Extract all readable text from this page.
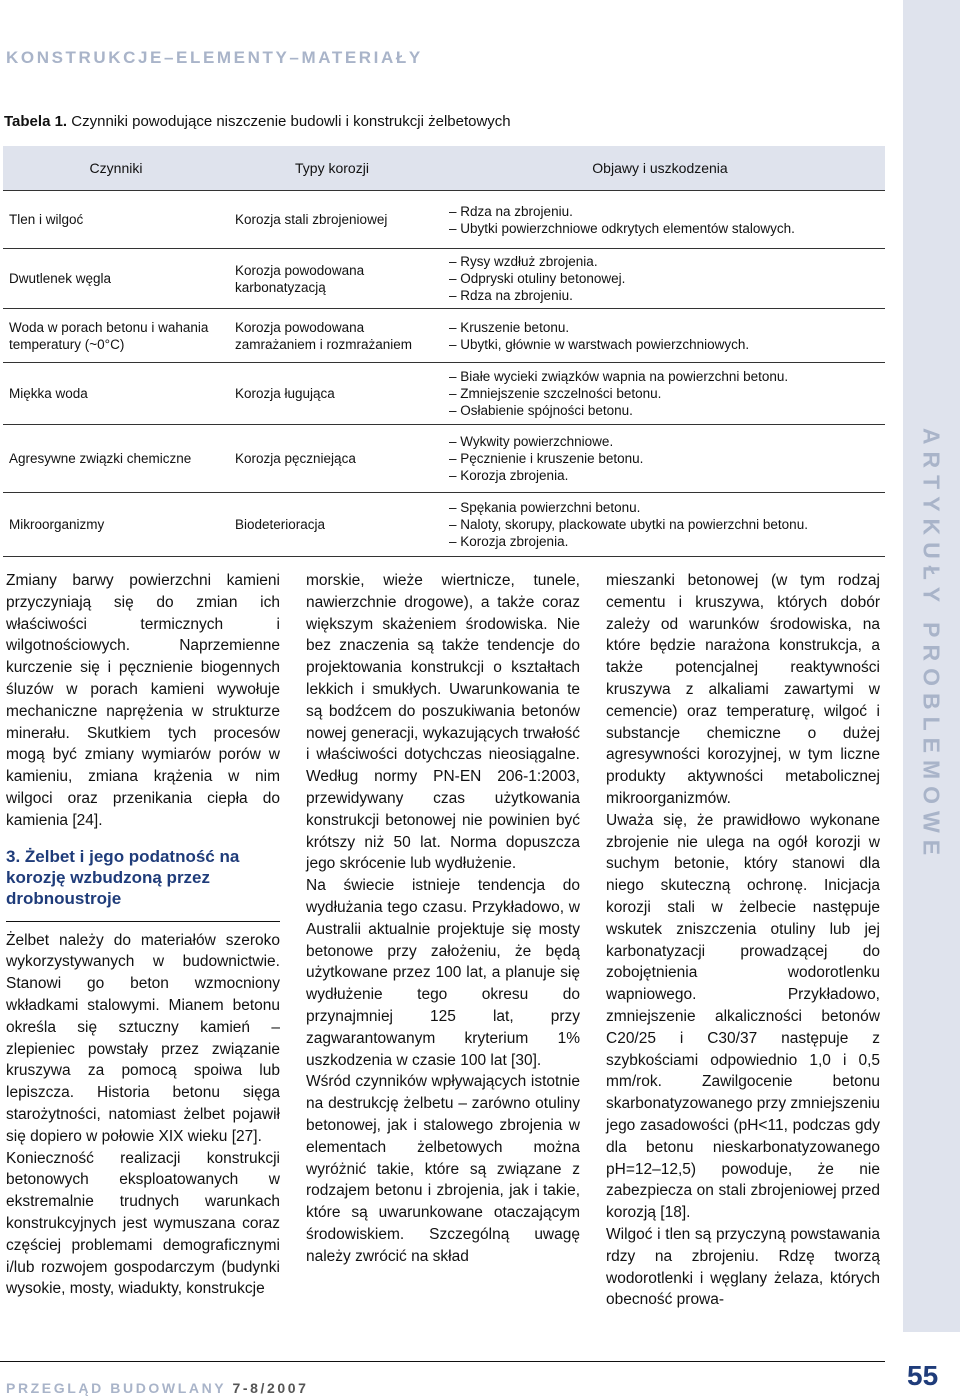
KONSTRUKCJE–ELEMENTY–MATERIAŁY
ARTYKUŁY PROBLEMOWE
Tabela 1. Czynniki powodujące niszczenie budowli i konstrukcji żelbetowych
Czynniki	Typy korozji	Objawy i uszkodzenia
Tlen i wilgoć	Korozja stali zbrojeniowej	– Rdza na zbrojeniu.
– Ubytki powierzchniowe odkrytych elementów stalowych.

Dwutlenek węgla	Korozja powodowana karbonatyzacją	– Rysy wzdłuż zbrojenia.
– Odpryski otuliny betonowej.
– Rdza na zbrojeniu.

Woda w porach betonu i wahania temperatury (~0°C)	Korozja powodowana zamrażaniem i rozmrażaniem	– Kruszenie betonu.
– Ubytki, głównie w warstwach powierzchniowych.

Miękka woda	Korozja ługująca	– Białe wycieki związków wapnia na powierzchni betonu.
– Zmniejszenie szczelności betonu.
– Osłabienie spójności betonu.

Agresywne związki chemiczne	Korozja pęczniejąca	– Wykwity powierzchniowe.
– Pęcznienie i kruszenie betonu.
– Korozja zbrojenia.

Mikroorganizmy	Biodeterioracja	– Spękania powierzchni betonu.
– Naloty, skorupy, plackowate ubytki na powierzchni betonu.
– Korozja zbrojenia.

Zmiany barwy powierzchni kamieni przyczyniają się do zmian ich właściwości termicznych i wilgotnościowych. Naprzemienne kurczenie się i pęcznienie biogennych śluzów w porach kamieni wywołuje mechaniczne naprężenia w strukturze minerału. Skutkiem tych procesów mogą być zmiany wymiarów porów w kamieniu, zmiana krążenia w nim wilgoci oraz przenikania ciepła do kamienia [24].

3. Żelbet i jego podatność na korozję wzbudzoną przez drobnoustroje

Żelbet należy do materiałów szeroko wykorzystywanych w budownictwie. Stanowi go beton wzmocniony wkładkami stalowymi. Mianem betonu określa się sztuczny kamień – zlepieniec powstały przez związanie kruszywa za pomocą spoiwa lub lepiszcza. Historia betonu sięga starożytności, natomiast żelbet pojawił się dopiero w połowie XIX wieku [27].

Konieczność realizacji konstrukcji betonowych eksploatowanych w ekstremalnie trudnych warunkach konstrukcyjnych jest wymuszana coraz częściej problemami demograficznymi i/lub rozwojem gospodarczym (budynki wysokie, mosty, wiadukty, konstrukcje

morskie, wieże wiertnicze, tunele, nawierzchnie drogowe), a także coraz większym skażeniem środowiska. Nie bez znaczenia są także tendencje do projektowania konstrukcji o kształtach lekkich i smukłych. Uwarunkowania te są bodźcem do poszukiwania betonów nowej generacji, wykazujących trwałość i właściwości dotychczas nieosiągalne. Według normy PN-EN 206-1:2003, przewidywany czas użytkowania konstrukcji betonowej nie powinien być krótszy niż 50 lat. Norma dopuszcza jego skrócenie lub wydłużenie.

Na świecie istnieje tendencja do wydłużania tego czasu. Przykładowo, w Australii aktualnie projektuje się mosty betonowe przy założeniu, że będą użytkowane przez 100 lat, a planuje się wydłużenie tego okresu do przynajmniej 125 lat, przy zagwarantowanym kryterium 1% uszkodzenia w czasie 100 lat [30].

Wśród czynników wpływających istotnie na destrukcję żelbetu – zarówno otuliny betonowej, jak i stalowego zbrojenia w elementach żelbetowych można wyróżnić takie, które są związane z rodzajem betonu i zbrojenia, jak i takie, które są uwarunkowane otaczającym środowiskiem. Szczególną uwagę należy zwrócić na skład

mieszanki betonowej (w tym rodzaj cementu i kruszywa, których dobór zależy od warunków środowiska, na które będzie narażona konstrukcja, a także potencjalnej reaktywności kruszywa z alkaliami zawartymi w cemencie) oraz temperaturę, wilgoć i substancje chemiczne o dużej agresywności korozyjnej, w tym liczne produkty aktywności metabolicznej mikroorganizmów.

Uważa się, że prawidłowo wykonane zbrojenie nie ulega na ogół korozji w suchym betonie, który stanowi dla niego skuteczną ochronę. Inicjacja korozji stali w żelbecie następuje wskutek zniszczenia otuliny lub jej karbonatyzacji prowadzącej do zobojętnienia wodorotlenku wapniowego. Przykładowo, zmniejszenie alkaliczności betonów C20/25 i C30/37 następuje z szybkościami odpowiednio 1,0 i 0,5 mm/rok. Zawilgocenie betonu skarbonatyzowanego przy zmniejszeniu jego zasadowości (pH<11, podczas gdy dla betonu nieskarbonatyzowanego pH=12–12,5) powoduje, że nie zabezpiecza on stali zbrojeniowej przed korozją [18].

Wilgoć i tlen są przyczyną powstawania rdzy na zbrojeniu. Rdzę tworzą wodorotlenki i węglany żelaza, których obecność prowa-

PRZEGLĄD BUDOWLANY 7-8/2007	55
